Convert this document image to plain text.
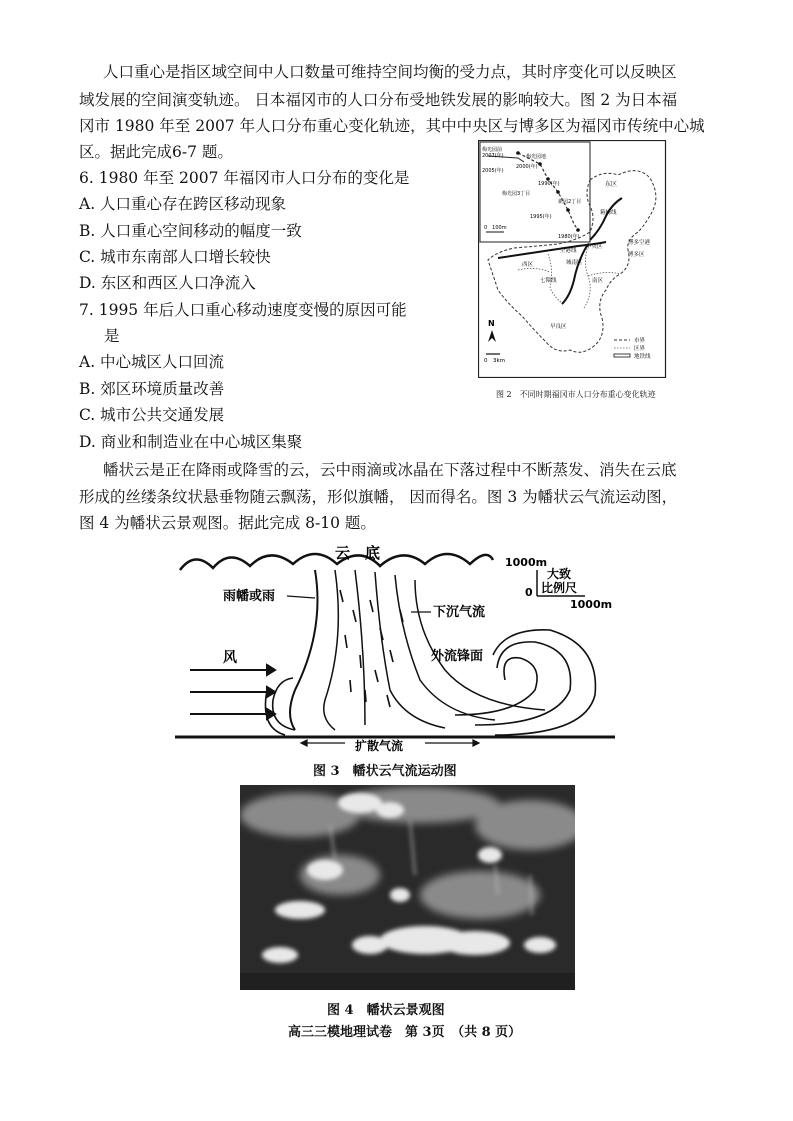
人口重心是指区域空间中人口数量可维持空间均衡的受力点，其时序变化可以反映区
域发展的空间演变轨迹。 日本福冈市的人口分布受地铁发展的影响较大。图 2 为日本福
冈市 1980 年至 2007 年人口分布重心变化轨迹，其中中央区与博多区为福冈市传统中心城
区。据此完成6-7 题。
6. 1980 年至 2007 年福冈市人口分布的变化是
A. 人口重心存在跨区移动现象
B. 人口重心空间移动的幅度一致
C. 城市东南部人口增长较快
D. 东区和西区人口净流入
7. 1995 年后人口重心移动速度变慢的原因可能
是
A. 中心城区人口回流
B. 郊区环境质量改善
C. 城市公共交通发展
D. 商业和制造业在中心城区集聚
梅光园前
2007(年)	梅光园地
2005(年)
2000(年)
1990(年)
梅光园3丁目
新园2丁目
1995(年)
1980(年)
0　100m
东区
箱崎线
中央区
博多空港
博多区
西区
空港线
城南区
南区
七隈线
早良区
N
0　3km
市界
区界
地铁线
图 2　不同时期福冈市人口分布重心变化轨迹
幡状云是正在降雨或降雪的云，云中雨滴或冰晶在下落过程中不断蒸发、消失在云底
形成的丝缕条纹状悬垂物随云飘荡，形似旗幡， 因而得名。图 3 为幡状云气流运动图，
图 4 为幡状云景观图。据此完成 8-10 题。
云　底
风
雨幡或雨
下沉气流
外流锋面
扩散气流
1000m
大致
比例尺
0
1000m
图 3　幡状云气流运动图
图 4　幡状云景观图
高三三模地理试卷　第 3页　（共 8 页）
